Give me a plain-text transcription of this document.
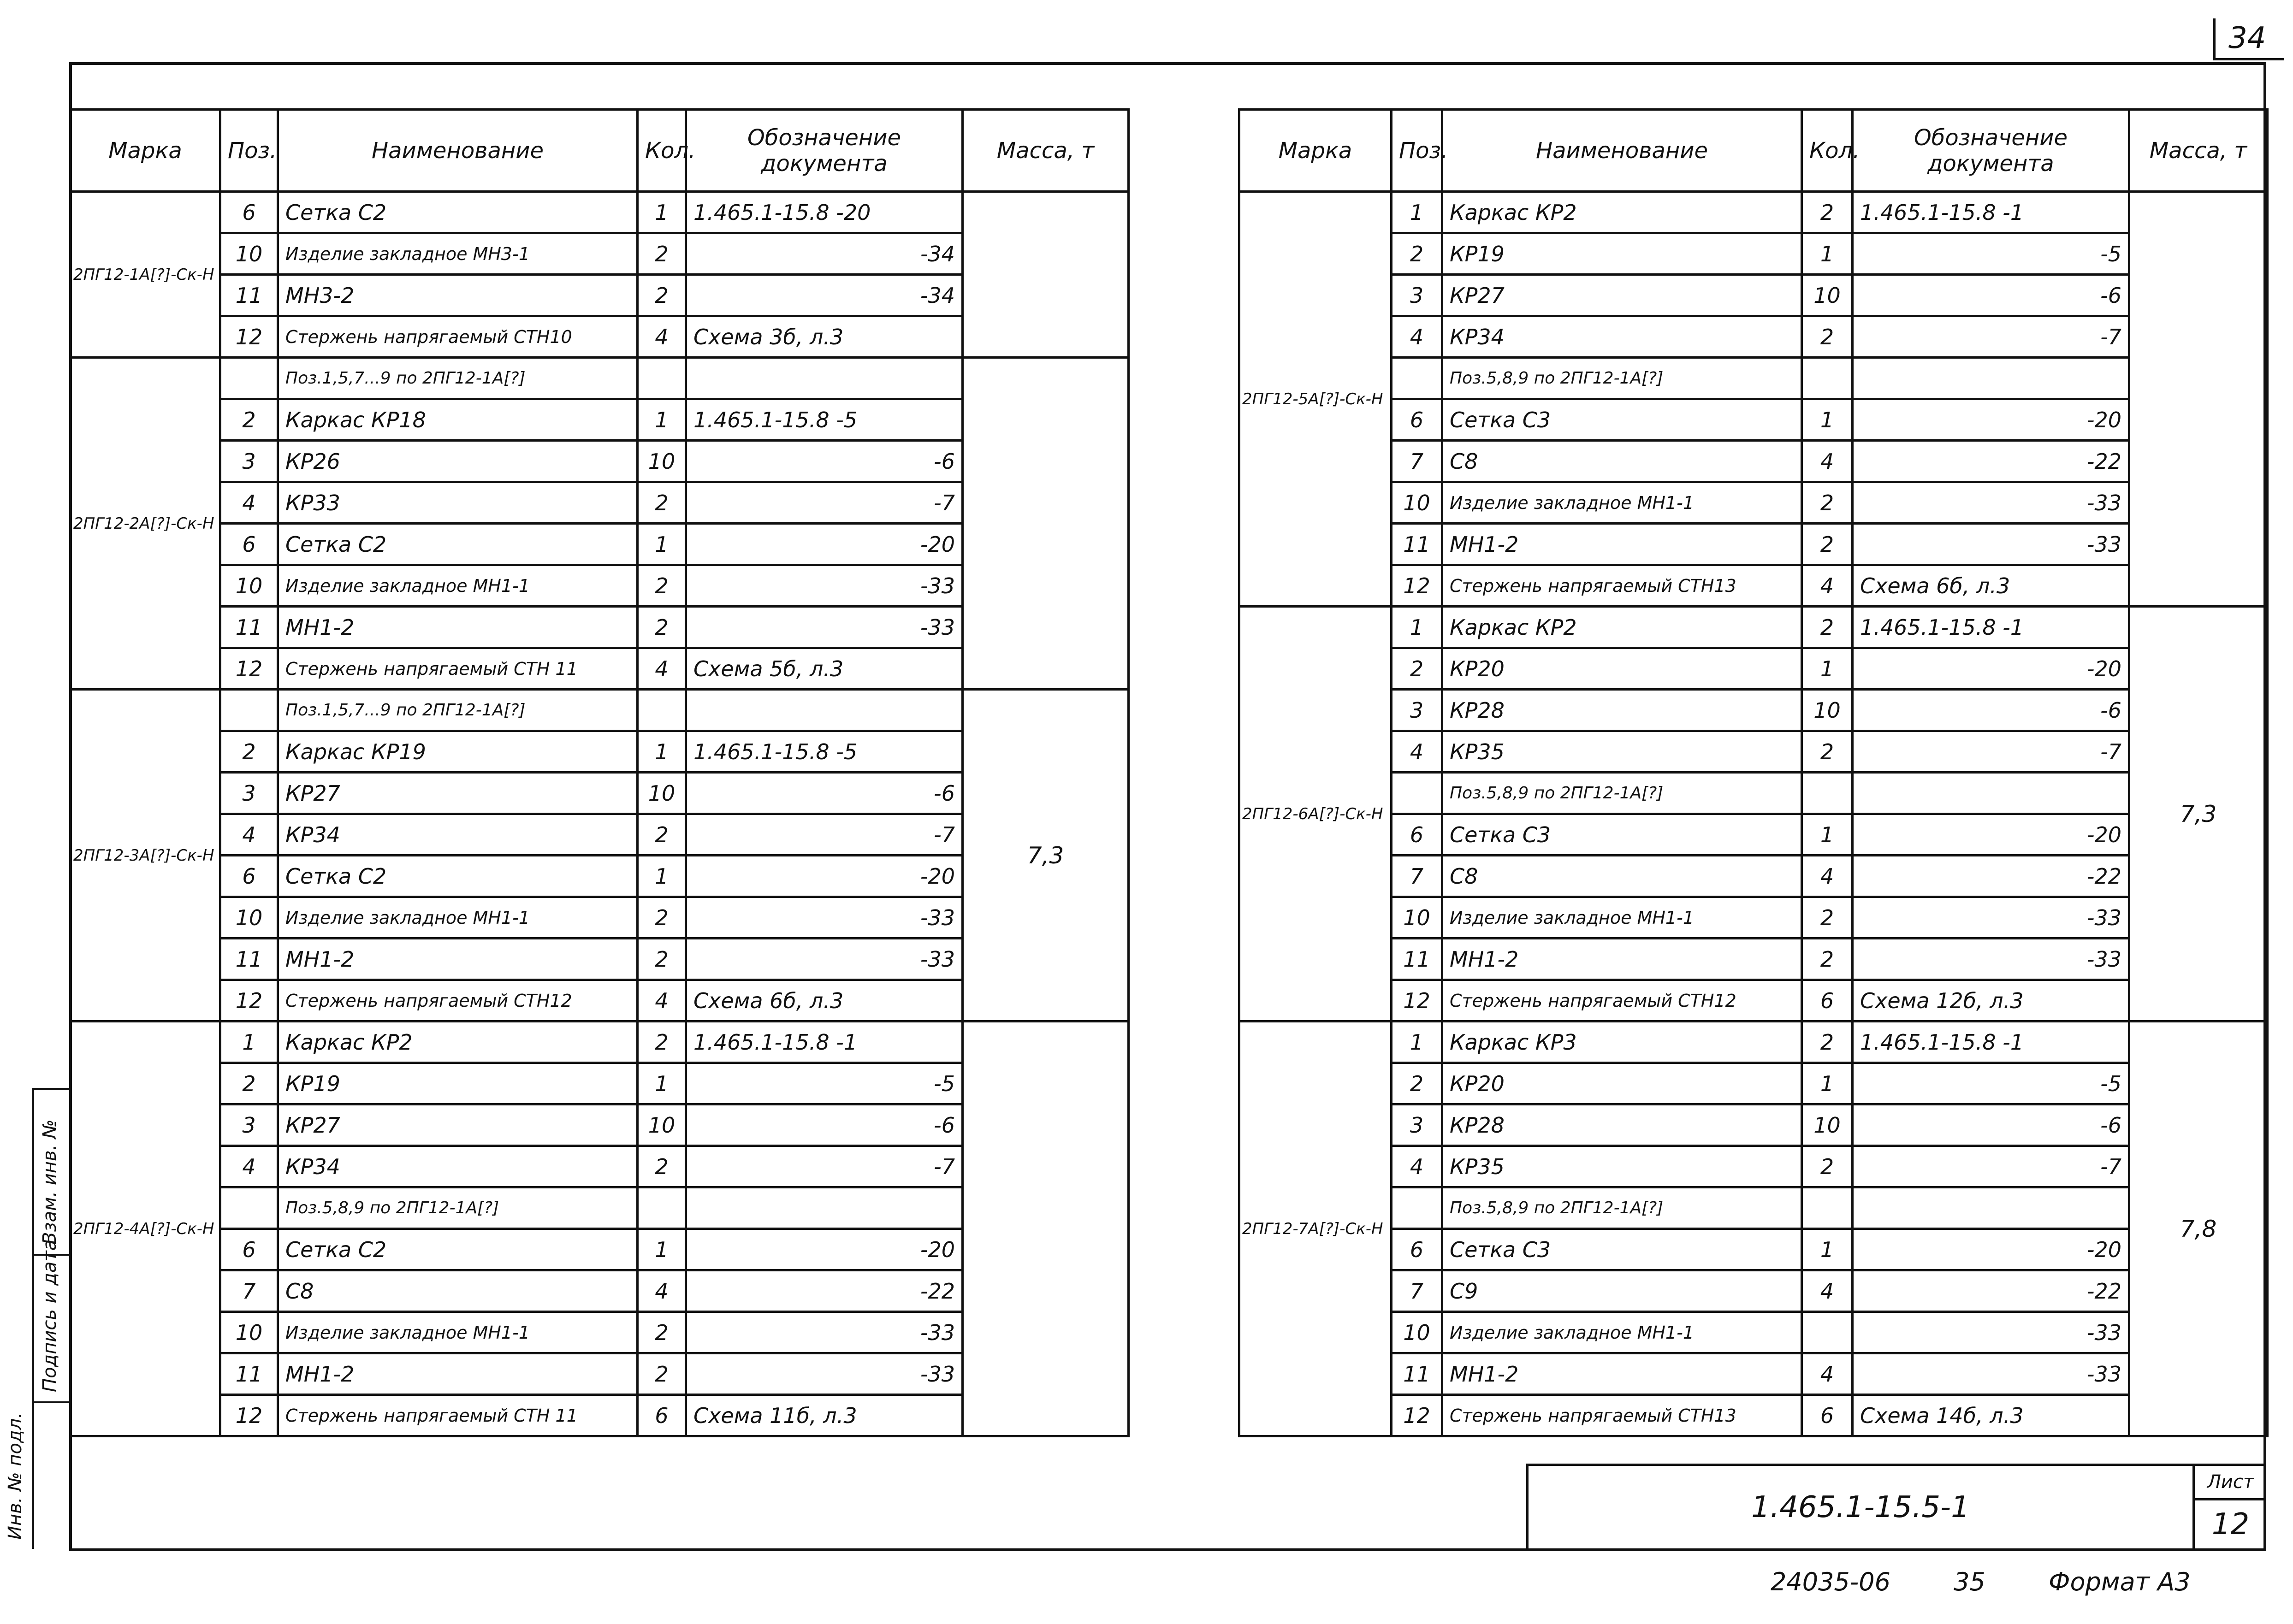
34
Марка	Поз.	Наименование	Кол.	Обозначение документа	Масса, т
2ПГ12-1А[?]-Ск-Н	6	Сетка С2	1	1.465.1-15.8 -20	
	10	Изделие закладное МН3-1	2	-34	
	11	МН3-2	2	-34	
	12	Стержень напрягаемый СТН10	4	Схема 3б, л.3	
2ПГ12-2А[?]-Ск-Н		Поз.1,5,7...9 по 2ПГ12-1А[?]			
	2	Каркас КР18	1	1.465.1-15.8 -5	
	3	КР26	10	-6	
	4	КР33	2	-7	
	6	Сетка С2	1	-20	
	10	Изделие закладное МН1-1	2	-33	
	11	МН1-2	2	-33	
	12	Стержень напрягаемый СТН 11	4	Схема 5б, л.3	
2ПГ12-3А[?]-Ск-Н		Поз.1,5,7...9 по 2ПГ12-1А[?]			7,3
	2	Каркас КР19	1	1.465.1-15.8 -5	
	3	КР27	10	-6	
	4	КР34	2	-7	
	6	Сетка С2	1	-20	
	10	Изделие закладное МН1-1	2	-33	
	11	МН1-2	2	-33	
	12	Стержень напрягаемый СТН12	4	Схема 6б, л.3	
2ПГ12-4А[?]-Ск-Н	1	Каркас КР2	2	1.465.1-15.8 -1	
	2	КР19	1	-5	
	3	КР27	10	-6	
	4	КР34	2	-7	
		Поз.5,8,9 по 2ПГ12-1А[?]			
	6	Сетка С2	1	-20	
	7	С8	4	-22	
	10	Изделие закладное МН1-1	2	-33	
	11	МН1-2	2	-33	
	12	Стержень напрягаемый СТН 11	6	Схема 11б, л.3	
Марка	Поз.	Наименование	Кол.	Обозначение документа	Масса, т
2ПГ12-5А[?]-Ск-Н	1	Каркас КР2	2	1.465.1-15.8 -1	
	2	КР19	1	-5	
	3	КР27	10	-6	
	4	КР34	2	-7	
		Поз.5,8,9 по 2ПГ12-1А[?]			
	6	Сетка С3	1	-20	
	7	С8	4	-22	
	10	Изделие закладное МН1-1	2	-33	
	11	МН1-2	2	-33	
	12	Стержень напрягаемый СТН13	4	Схема 6б, л.3	
2ПГ12-6А[?]-Ск-Н	1	Каркас КР2	2	1.465.1-15.8 -1	7,3
	2	КР20	1	-20	
	3	КР28	10	-6	
	4	КР35	2	-7	
		Поз.5,8,9 по 2ПГ12-1А[?]			
	6	Сетка С3	1	-20	
	7	С8	4	-22	
	10	Изделие закладное МН1-1	2	-33	
	11	МН1-2	2	-33	
	12	Стержень напрягаемый СТН12	6	Схема 12б, л.3	
2ПГ12-7А[?]-Ск-Н	1	Каркас КР3	2	1.465.1-15.8 -1	7,8
	2	КР20	1	-5	
	3	КР28	10	-6	
	4	КР35	2	-7	
		Поз.5,8,9 по 2ПГ12-1А[?]			
	6	Сетка С3	1	-20	
	7	С9	4	-22	
	10	Изделие закладное МН1-1		-33	
	11	МН1-2	4	-33	
	12	Стержень напрягаемый СТН13	6	Схема 14б, л.3	
Инв. № подл.
Подпись и дата
Взам. инв. №
1.465.1-15.5-1
Лист
12
24035-06	35	Формат А3
